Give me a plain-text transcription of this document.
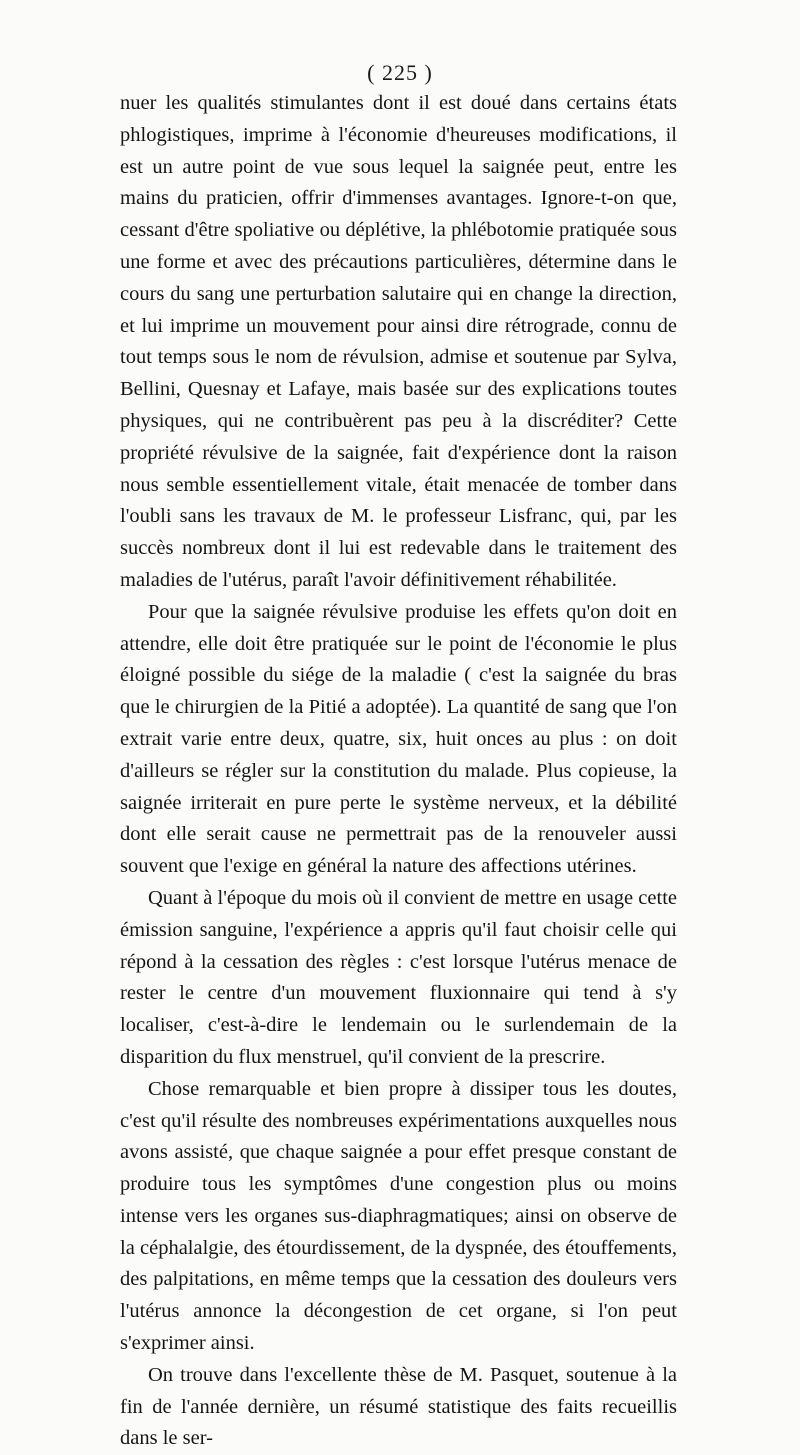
( 225 )

nuer les qualités stimulantes dont il est doué dans certains états phlogistiques, imprime à l'économie d'heureuses modifications, il est un autre point de vue sous lequel la saignée peut, entre les mains du praticien, offrir d'immenses avantages. Ignore-t-on que, cessant d'être spoliative ou déplétive, la phlébotomie pratiquée sous une forme et avec des précautions particulières, détermine dans le cours du sang une perturbation salutaire qui en change la direction, et lui imprime un mouvement pour ainsi dire rétrograde, connu de tout temps sous le nom de révulsion, admise et soutenue par Sylva, Bellini, Quesnay et Lafaye, mais basée sur des explications toutes physiques, qui ne contribuèrent pas peu à la discréditer? Cette propriété révulsive de la saignée, fait d'expérience dont la raison nous semble essentiellement vitale, était menacée de tomber dans l'oubli sans les travaux de M. le professeur Lisfranc, qui, par les succès nombreux dont il lui est redevable dans le traitement des maladies de l'utérus, paraît l'avoir définitivement réhabilitée.

Pour que la saignée révulsive produise les effets qu'on doit en attendre, elle doit être pratiquée sur le point de l'économie le plus éloigné possible du siége de la maladie ( c'est la saignée du bras que le chirurgien de la Pitié a adoptée). La quantité de sang que l'on extrait varie entre deux, quatre, six, huit onces au plus : on doit d'ailleurs se régler sur la constitution du malade. Plus copieuse, la saignée irriterait en pure perte le système nerveux, et la débilité dont elle serait cause ne permettrait pas de la renouveler aussi souvent que l'exige en général la nature des affections utérines.

Quant à l'époque du mois où il convient de mettre en usage cette émission sanguine, l'expérience a appris qu'il faut choisir celle qui répond à la cessation des règles : c'est lorsque l'utérus menace de rester le centre d'un mouvement fluxionnaire qui tend à s'y localiser, c'est-à-dire le lendemain ou le surlendemain de la disparition du flux menstruel, qu'il convient de la prescrire.

Chose remarquable et bien propre à dissiper tous les doutes, c'est qu'il résulte des nombreuses expérimentations auxquelles nous avons assisté, que chaque saignée a pour effet presque constant de produire tous les symptômes d'une congestion plus ou moins intense vers les organes sus-diaphragmatiques; ainsi on observe de la céphalalgie, des étourdissement, de la dyspnée, des étouffements, des palpitations, en même temps que la cessation des douleurs vers l'utérus annonce la décongestion de cet organe, si l'on peut s'exprimer ainsi.

On trouve dans l'excellente thèse de M. Pasquet, soutenue à la fin de l'année dernière, un résumé statistique des faits recueillis dans le ser-
